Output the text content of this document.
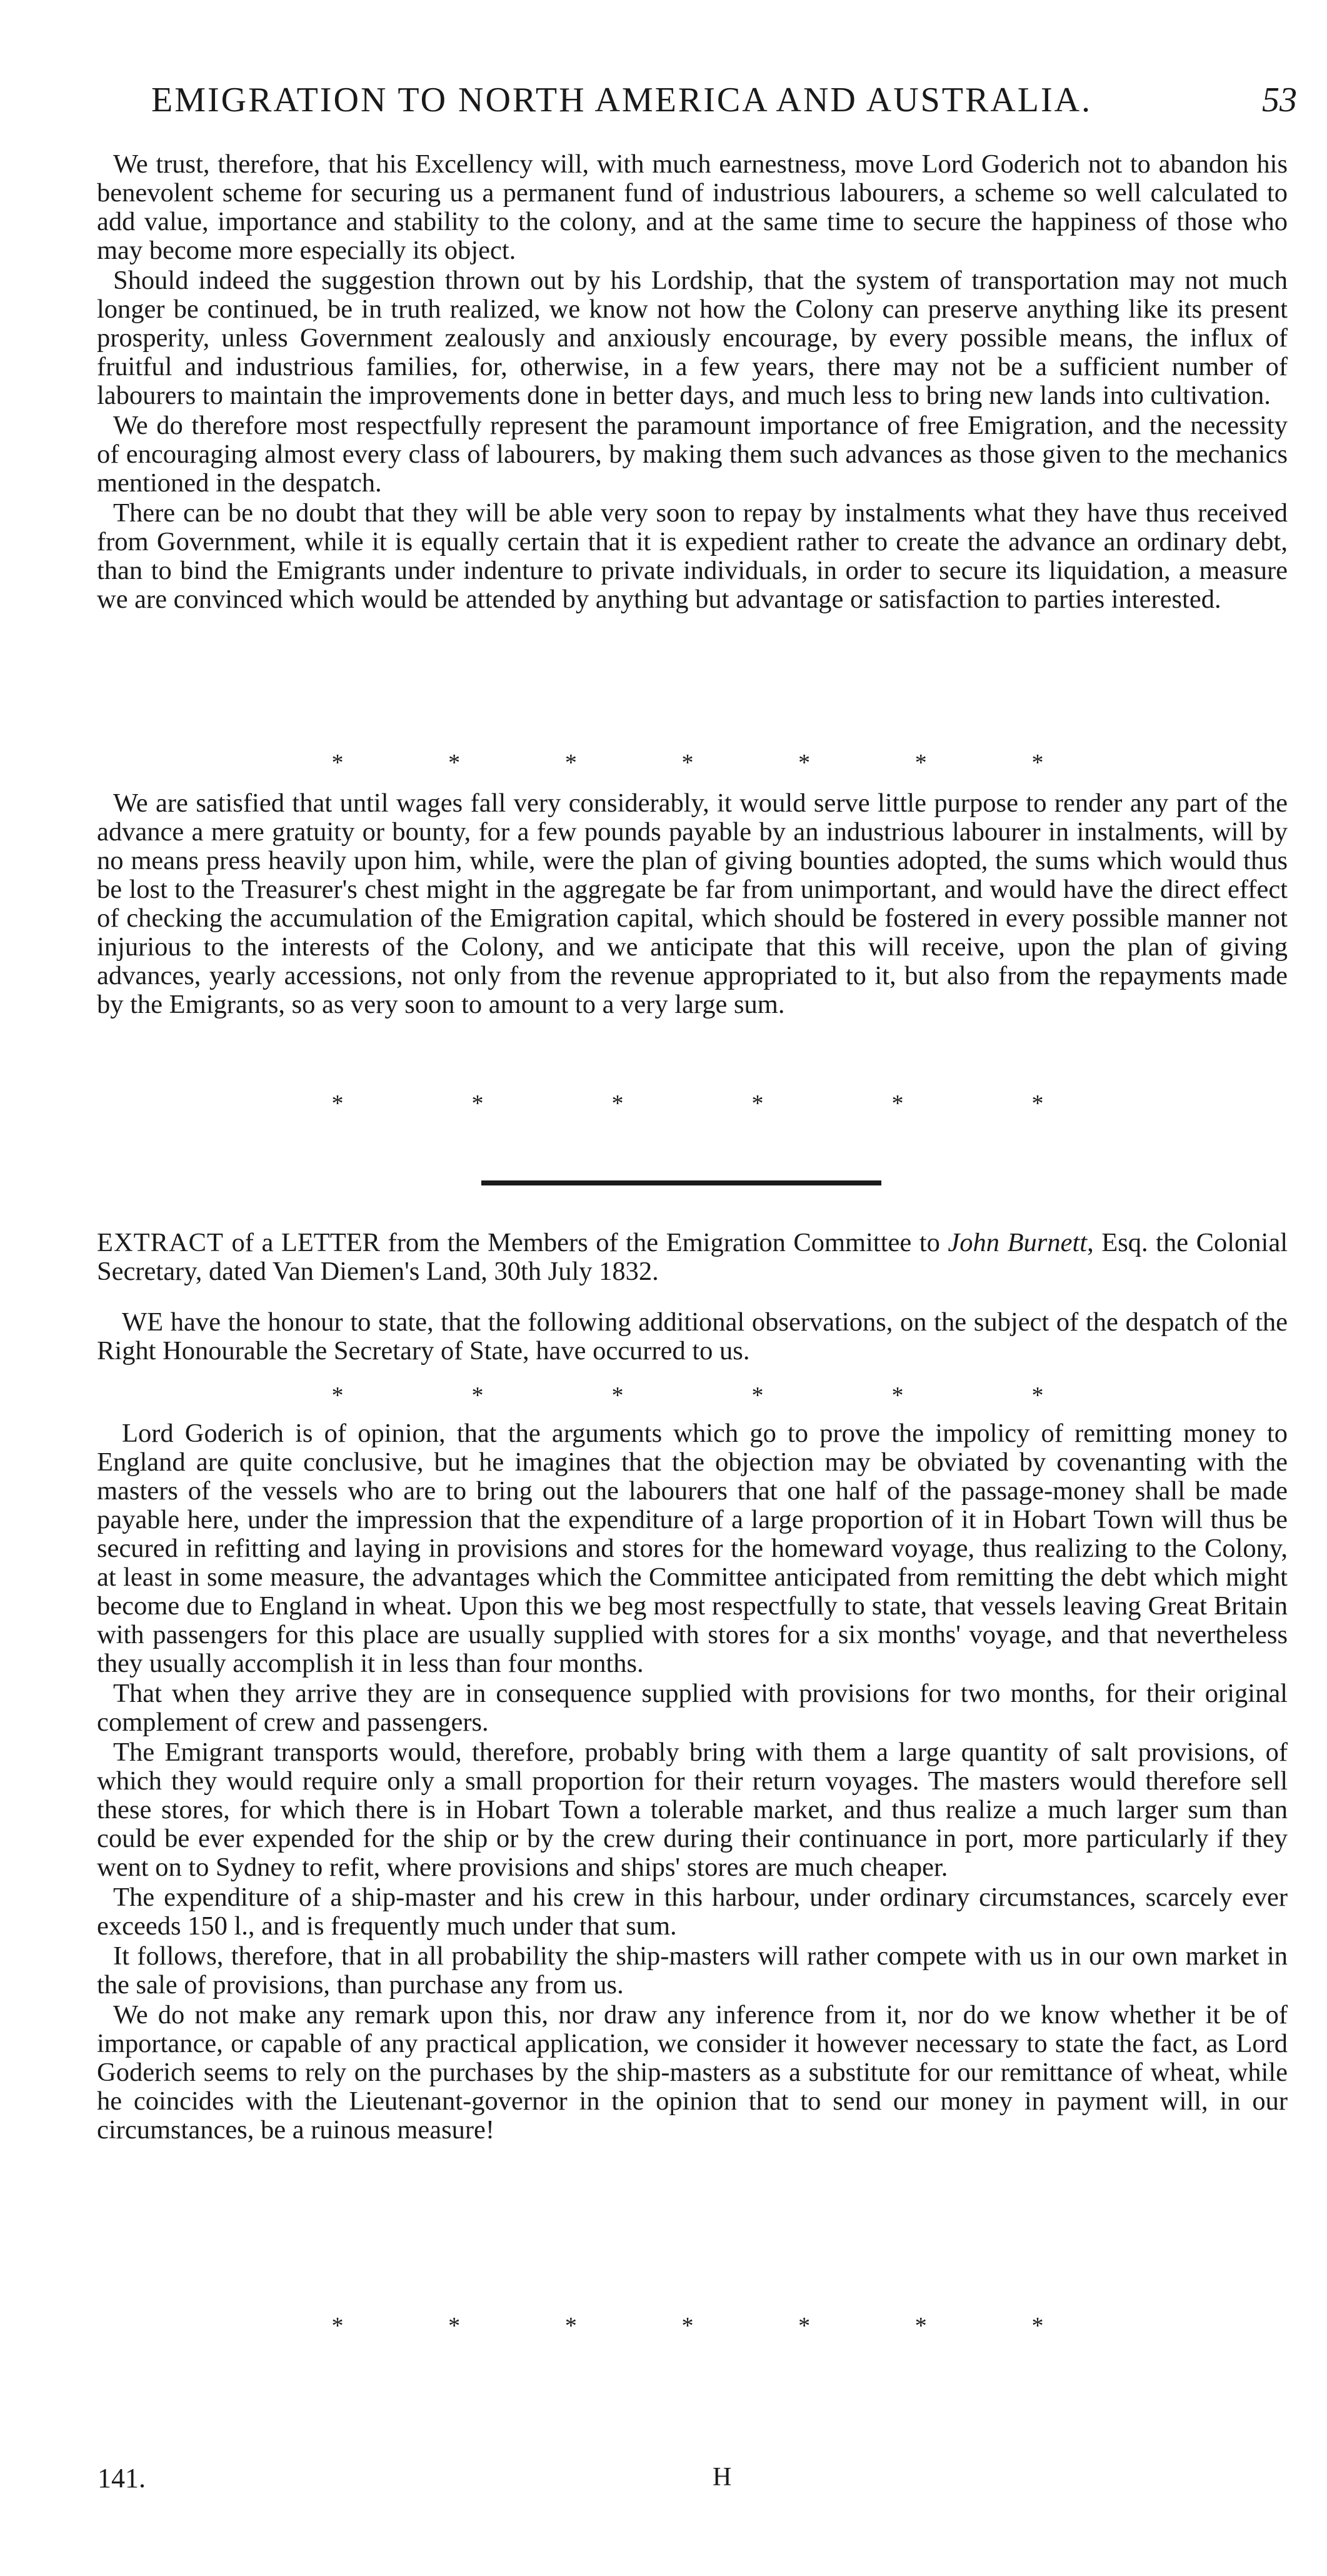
EMIGRATION TO NORTH AMERICA AND AUSTRALIA.	53

We trust, therefore, that his Excellency will, with much earnestness, move Lord Goderich not to abandon his benevolent scheme for securing us a permanent fund of industrious labourers, a scheme so well calculated to add value, importance and stability to the colony, and at the same time to secure the happiness of those who may become more especially its object.

Should indeed the suggestion thrown out by his Lordship, that the system of transportation may not much longer be continued, be in truth realized, we know not how the Colony can preserve anything like its present prosperity, unless Government zealously and anxiously encourage, by every possible means, the influx of fruitful and industrious families, for, otherwise, in a few years, there may not be a sufficient number of labourers to maintain the improvements done in better days, and much less to bring new lands into cultivation.

We do therefore most respectfully represent the paramount importance of free Emigration, and the necessity of encouraging almost every class of labourers, by making them such advances as those given to the mechanics mentioned in the despatch.

There can be no doubt that they will be able very soon to repay by instalments what they have thus received from Government, while it is equally certain that it is expedient rather to create the advance an ordinary debt, than to bind the Emigrants under indenture to private individuals, in order to secure its liquidation, a measure we are convinced which would be attended by anything but advantage or satisfaction to parties interested.

*	*	*	*	*	*	*

We are satisfied that until wages fall very considerably, it would serve little purpose to render any part of the advance a mere gratuity or bounty, for a few pounds payable by an industrious labourer in instalments, will by no means press heavily upon him, while, were the plan of giving bounties adopted, the sums which would thus be lost to the Treasurer's chest might in the aggregate be far from unimportant, and would have the direct effect of checking the accumulation of the Emigration capital, which should be fostered in every possible manner not injurious to the interests of the Colony, and we anticipate that this will receive, upon the plan of giving advances, yearly accessions, not only from the revenue appropriated to it, but also from the repayments made by the Emigrants, so as very soon to amount to a very large sum.

*	*	*	*	*	*

EXTRACT of a LETTER from the Members of the Emigration Committee to John Burnett, Esq. the Colonial Secretary, dated Van Diemen's Land, 30th July 1832.

WE have the honour to state, that the following additional observations, on the subject of the despatch of the Right Honourable the Secretary of State, have occurred to us.

*	*	*	*	*	*

Lord Goderich is of opinion, that the arguments which go to prove the impolicy of remitting money to England are quite conclusive, but he imagines that the objection may be obviated by covenanting with the masters of the vessels who are to bring out the labourers that one half of the passage-money shall be made payable here, under the impression that the expenditure of a large proportion of it in Hobart Town will thus be secured in refitting and laying in provisions and stores for the homeward voyage, thus realizing to the Colony, at least in some measure, the advantages which the Committee anticipated from remitting the debt which might become due to England in wheat. Upon this we beg most respectfully to state, that vessels leaving Great Britain with passengers for this place are usually supplied with stores for a six months' voyage, and that nevertheless they usually accomplish it in less than four months.

That when they arrive they are in consequence supplied with provisions for two months, for their original complement of crew and passengers.

The Emigrant transports would, therefore, probably bring with them a large quantity of salt provisions, of which they would require only a small proportion for their return voyages. The masters would therefore sell these stores, for which there is in Hobart Town a tolerable market, and thus realize a much larger sum than could be ever expended for the ship or by the crew during their continuance in port, more particularly if they went on to Sydney to refit, where provisions and ships' stores are much cheaper.

The expenditure of a ship-master and his crew in this harbour, under ordinary circumstances, scarcely ever exceeds 150 l., and is frequently much under that sum.

It follows, therefore, that in all probability the ship-masters will rather compete with us in our own market in the sale of provisions, than purchase any from us.

We do not make any remark upon this, nor draw any inference from it, nor do we know whether it be of importance, or capable of any practical application, we consider it however necessary to state the fact, as Lord Goderich seems to rely on the purchases by the ship-masters as a substitute for our remittance of wheat, while he coincides with the Lieutenant-governor in the opinion that to send our money in payment will, in our circumstances, be a ruinous measure!

*	*	*	*	*	*	*
141.	H
